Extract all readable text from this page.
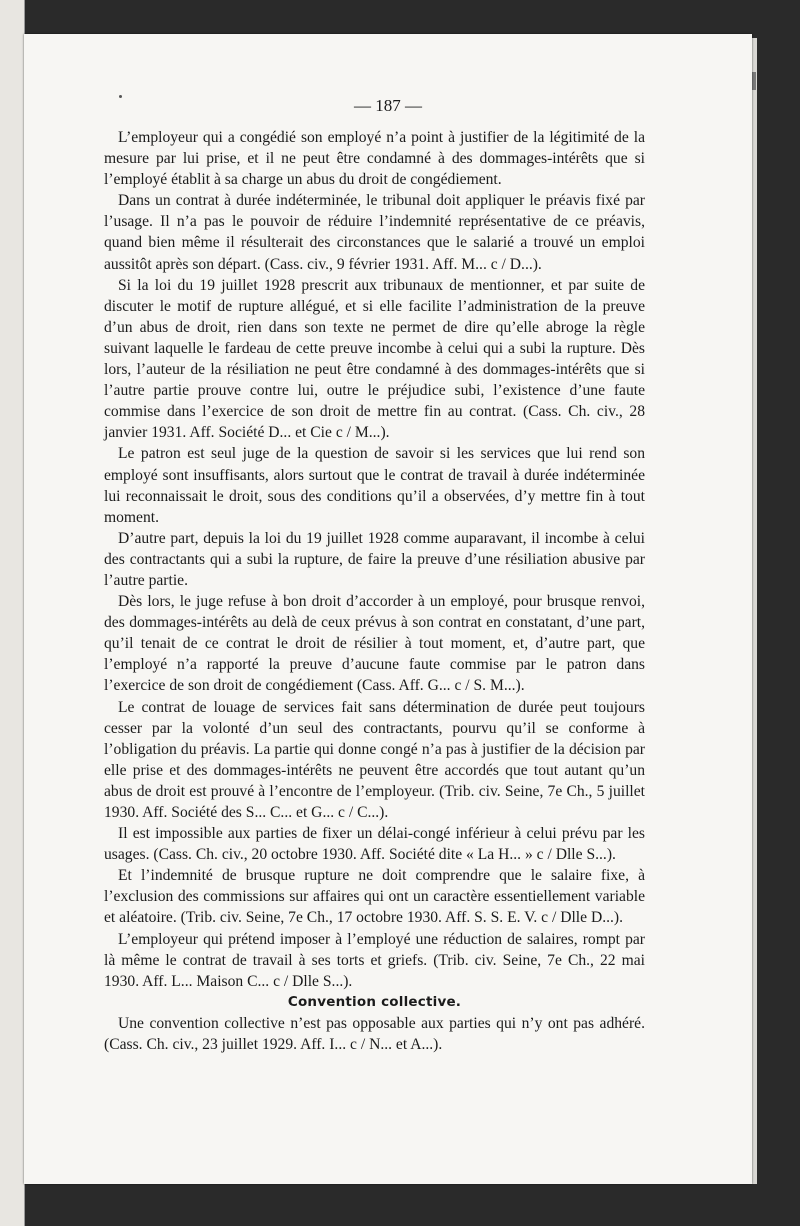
— 187 —

L’employeur qui a congédié son employé n’a point à justifier de la légitimité de la mesure par lui prise, et il ne peut être condamné à des dommages-intérêts que si l’employé établit à sa charge un abus du droit de congédiement.

Dans un contrat à durée indéterminée, le tribunal doit appliquer le préavis fixé par l’usage. Il n’a pas le pouvoir de réduire l’indemnité représentative de ce préavis, quand bien même il résulterait des circonstances que le salarié a trouvé un emploi aussitôt après son départ. (Cass. civ., 9 février 1931. Aff. M... c / D...).

Si la loi du 19 juillet 1928 prescrit aux tribunaux de mentionner, et par suite de discuter le motif de rupture allégué, et si elle facilite l’administration de la preuve d’un abus de droit, rien dans son texte ne permet de dire qu’elle abroge la règle suivant laquelle le fardeau de cette preuve incombe à celui qui a subi la rupture. Dès lors, l’auteur de la résiliation ne peut être condamné à des dommages-intérêts que si l’autre partie prouve contre lui, outre le préjudice subi, l’existence d’une faute commise dans l’exercice de son droit de mettre fin au contrat. (Cass. Ch. civ., 28 janvier 1931. Aff. Société D... et Cie c / M...).

Le patron est seul juge de la question de savoir si les services que lui rend son employé sont insuffisants, alors surtout que le contrat de travail à durée indéterminée lui reconnaissait le droit, sous des conditions qu’il a observées, d’y mettre fin à tout moment.

D’autre part, depuis la loi du 19 juillet 1928 comme auparavant, il incombe à celui des contractants qui a subi la rupture, de faire la preuve d’une résiliation abusive par l’autre partie.

Dès lors, le juge refuse à bon droit d’accorder à un employé, pour brusque renvoi, des dommages-intérêts au delà de ceux prévus à son contrat en constatant, d’une part, qu’il tenait de ce contrat le droit de résilier à tout moment, et, d’autre part, que l’employé n’a rapporté la preuve d’aucune faute commise par le patron dans l’exercice de son droit de congédiement (Cass. Aff. G... c / S. M...).

Le contrat de louage de services fait sans détermination de durée peut toujours cesser par la volonté d’un seul des contractants, pourvu qu’il se conforme à l’obligation du préavis. La partie qui donne congé n’a pas à justifier de la décision par elle prise et des dommages-intérêts ne peuvent être accordés que tout autant qu’un abus de droit est prouvé à l’encontre de l’employeur. (Trib. civ. Seine, 7e Ch., 5 juillet 1930. Aff. Société des S... C... et G... c / C...).

Il est impossible aux parties de fixer un délai-congé inférieur à celui prévu par les usages. (Cass. Ch. civ., 20 octobre 1930. Aff. Société dite « La H... » c / Dlle S...).

Et l’indemnité de brusque rupture ne doit comprendre que le salaire fixe, à l’exclusion des commissions sur affaires qui ont un caractère essentiellement variable et aléatoire. (Trib. civ. Seine, 7e Ch., 17 octobre 1930. Aff. S. S. E. V. c / Dlle D...).

L’employeur qui prétend imposer à l’employé une réduction de salaires, rompt par là même le contrat de travail à ses torts et griefs. (Trib. civ. Seine, 7e Ch., 22 mai 1930. Aff. L... Maison C... c / Dlle S...).

Convention collective.

Une convention collective n’est pas opposable aux parties qui n’y ont pas adhéré. (Cass. Ch. civ., 23 juillet 1929. Aff. I... c / N... et A...).
